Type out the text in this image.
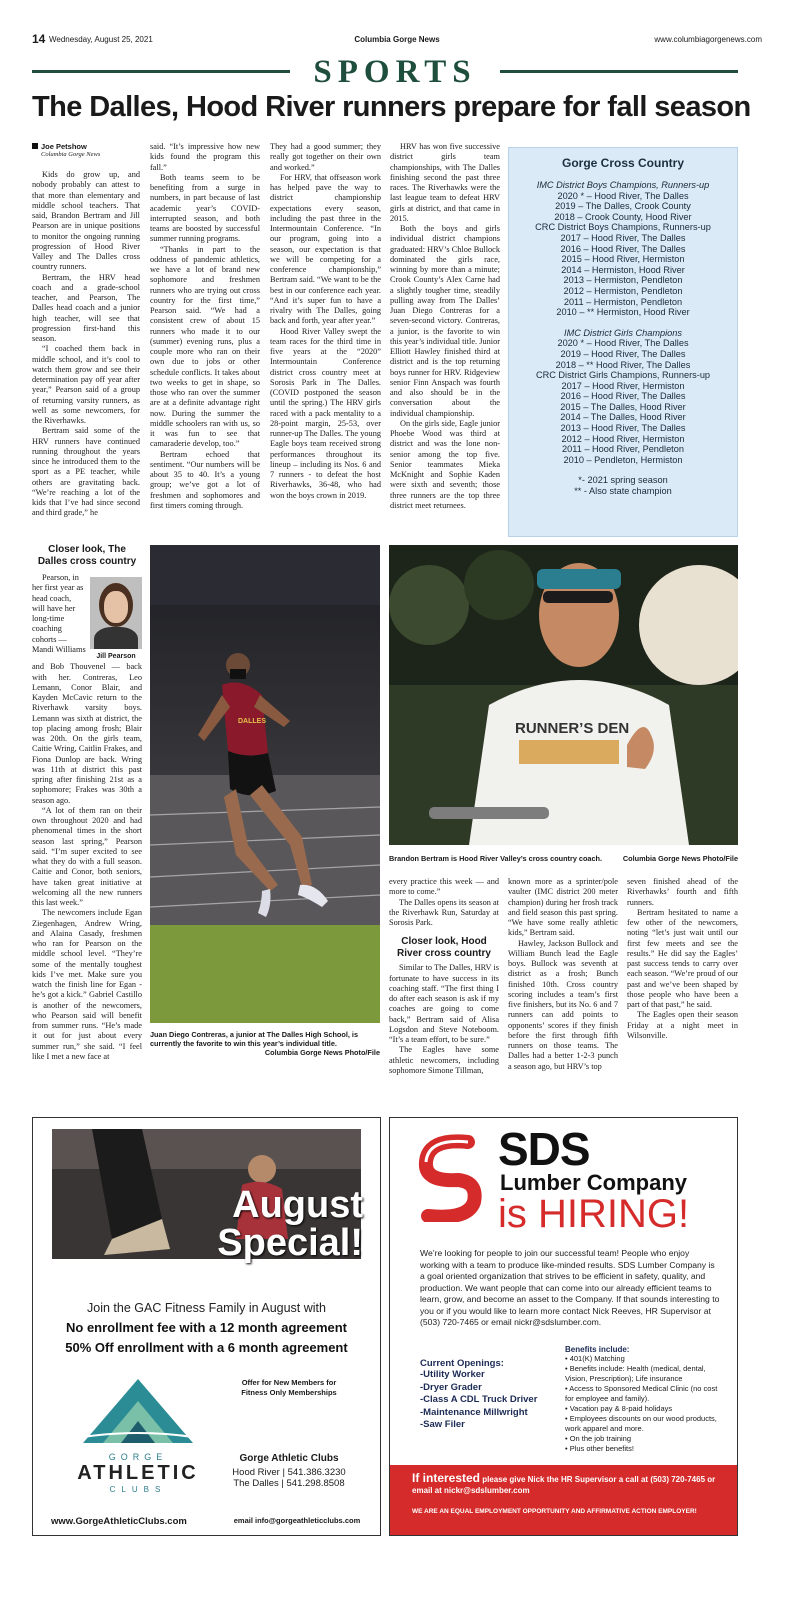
14 Wednesday, August 25, 2021	Columbia Gorge News	www.columbiagorgenews.com
SPORTS
The Dalles, Hood River runners prepare for fall season
Joe Petshow
Columbia Gorge News

Kids do grow up, and nobody probably can attest to that more than elementary and middle school teachers. That said, Brandon Bertram and Jill Pearson are in unique positions to monitor the ongoing running progression of Hood River Valley and The Dalles cross country runners.

Bertram, the HRV head coach and a grade-school teacher, and Pearson, The Dalles head coach and a junior high teacher, will see that progression first-hand this season.

“I coached them back in middle school, and it’s cool to watch them grow and see their determination pay off year after year,” Pearson said of a group of returning varsity runners, as well as some newcomers, for the Riverhawks.

Bertram said some of the HRV runners have continued running throughout the years since he introduced them to the sport as a PE teacher, while others are gravitating back. “We’re reaching a lot of the kids that I’ve had since second and third grade,” he

said. “It’s impressive how new kids found the program this fall.”

Both teams seem to be benefiting from a surge in numbers, in part because of last academic year’s COVID-interrupted season, and both teams are boosted by successful summer running programs.

“Thanks in part to the oddness of pandemic athletics, we have a lot of brand new sophomore and freshmen runners who are trying out cross country for the first time,” Pearson said. “We had a consistent crew of about 15 runners who made it to our (summer) evening runs, plus a couple more who ran on their own due to jobs or other schedule conflicts. It takes about two weeks to get in shape, so those who ran over the summer are at a definite advantage right now. During the summer the middle schoolers ran with us, so it was fun to see that camaraderie develop, too.”

Bertram echoed that sentiment. “Our numbers will be about 35 to 40. It’s a young group; we’ve got a lot of freshmen and sophomores and first timers coming through.

They had a good summer; they really got together on their own and worked.”

For HRV, that offseason work has helped pave the way to district championship expectations every season, including the past three in the Intermountain Conference. “In our program, going into a season, our expectation is that we will be competing for a conference championship,” Bertram said. “We want to be the best in our conference each year. “And it’s super fun to have a rivalry with The Dalles, going back and forth, year after year.”

Hood River Valley swept the team races for the third time in five years at the “2020” Intermountain Conference district cross country meet at Sorosis Park in The Dalles. (COVID postponed the season until the spring.) The HRV girls raced with a pack mentality to a 28-point margin, 25-53, over runner-up The Dalles. The young Eagle boys team received strong performances throughout its lineup – including its Nos. 6 and 7 runners - to defeat the host Riverhawks, 36-48, who had won the boys crown in 2019.

HRV has won five successive district girls team championships, with The Dalles finishing second the past three races. The Riverhawks were the last league team to defeat HRV girls at district, and that came in 2015.

Both the boys and girls individual district champions graduated: HRV’s Chloe Bullock dominated the girls race, winning by more than a minute; Crook County’s Alex Carne had a slightly tougher time, steadily pulling away from The Dalles’ Juan Diego Contreras for a seven-second victory. Contreras, a junior, is the favorite to win this year’s individual title. Junior Elliott Hawley finished third at district and is the top returning boys runner for HRV. Ridgeview senior Finn Anspach was fourth and also should be in the conversation about the individual championship.

On the girls side, Eagle junior Phoebe Wood was third at district and was the lone non-senior among the top five. Senior teammates Mieka McKnight and Sophie Kaden were sixth and seventh; those three runners are the top three district meet returnees.

Gorge Cross Country
IMC District Boys Champions, Runners-up
2020 * – Hood River, The Dalles
2019 – The Dalles, Crook County
2018 – Crook County, Hood River
CRC District Boys Champions, Runners-up
2017 – Hood River, The Dalles
2016 – Hood River, The Dalles
2015 – Hood River, Hermiston
2014 – Hermiston, Hood River
2013 – Hermiston, Pendleton
2012 – Hermiston, Pendleton
2011 – Hermiston, Pendleton
2010 – ** Hermiston, Hood River
IMC District Girls Champions
2020 * – Hood River, The Dalles
2019 – Hood River, The Dalles
2018 – ** Hood River, The Dalles
CRC District Girls Champions, Runners-up
2017 – Hood River, Hermiston
2016 – Hood River, The Dalles
2015 – The Dalles, Hood River
2014 – The Dalles, Hood River
2013 – Hood River, The Dalles
2012 – Hood River, Hermiston
2011 – Hood River, Pendleton
2010 – Pendleton, Hermiston
*- 2021 spring season
** - Also state champion
Closer look, The Dalles cross country
Jill Pearson

Pearson, in her first year as head coach, will have her long-time coaching cohorts — Mandi Williams

and Bob Thouvenel — back with her. Contreras, Leo Lemann, Conor Blair, and Kayden McCavic return to the Riverhawk varsity boys. Lemann was sixth at district, the top placing among frosh; Blair was 20th. On the girls team, Caitie Wring, Caitlin Frakes, and Fiona Dunlop are back. Wring was 11th at district this past spring after finishing 21st as a sophomore; Frakes was 30th a season ago.

“A lot of them ran on their own throughout 2020 and had phenomenal times in the short season last spring,” Pearson said. “I’m super excited to see what they do with a full season. Caitie and Conor, both seniors, have taken great initiative at welcoming all the new runners this last week.”

The newcomers include Egan Ziegenhagen, Andrew Wring, and Alaina Casady, freshmen who ran for Pearson on the middle school level. “They’re some of the mentally toughest kids I’ve met. Make sure you watch the finish line for Egan - he’s got a kick.” Gabriel Castillo is another of the newcomers, who Pearson said will benefit from summer runs. “He’s made it out for just about every summer run,” she said. “I feel like I met a new face at

DALLES
Juan Diego Contreras, a junior at The Dalles High School, is currently the favorite to win this year’s individual title.
Columbia Gorge News Photo/File
RUNNER’S DEN
Brandon Bertram is Hood River Valley’s cross country coach.	Columbia Gorge News Photo/File

every practice this week — and more to come.”

The Dalles opens its season at the Riverhawk Run, Saturday at Sorosis Park.

Closer look, Hood River cross country

Similar to The Dalles, HRV is fortunate to have success in its coaching staff. “The first thing I do after each season is ask if my coaches are going to come back,” Bertram said of Alisa Logsdon and Steve Noteboom. “It’s a team effort, to be sure.”

The Eagles have some athletic newcomers, including sophomore Simone Tillman,

known more as a sprinter/pole vaulter (IMC district 200 meter champion) during her frosh track and field season this past spring. “We have some really athletic kids,” Bertram said.

Hawley, Jackson Bullock and William Bunch lead the Eagle boys. Bullock was seventh at district as a frosh; Bunch finished 10th. Cross country scoring includes a team’s first five finishers, but its No. 6 and 7 runners can add points to opponents’ scores if they finish before the first through fifth runners on those teams. The Dalles had a better 1-2-3 punch a season ago, but HRV’s top

seven finished ahead of the Riverhawks’ fourth and fifth runners.

Bertram hesitated to name a few other of the newcomers, noting “let’s just wait until our first few meets and see the results.” He did say the Eagles’ past success tends to carry over each season. “We’re proud of our past and we’ve been shaped by those people who have been a part of that past,” he said.

The Eagles open their season Friday at a night meet in Wilsonville.

August
Special!
Join the GAC Fitness Family in August with
No enrollment fee with a 12 month agreement
50% Off enrollment with a 6 month agreement
Offer for New Members for Fitness Only Memberships
GORGE
ATHLETIC
CLUBS
www.GorgeAthleticClubs.com
Gorge Athletic Clubs
Hood River | 541.386.3230
The Dalles | 541.298.8508
email info@gorgeathleticclubs.com
SDS
Lumber Company
is HIRING!
We’re looking for people to join our successful team! People who enjoy working with a team to produce like-minded results. SDS Lumber Company is a goal oriented organization that strives to be efficient in safety, quality, and production. We want people that can come into our already efficient teams to learn, grow, and become an asset to the Company. If that sounds interesting to you or if you would like to learn more contact Nick Reeves, HR Supervisor at (503) 720-7465 or email nickr@sdslumber.com.
Current Openings:
-Utility Worker
-Dryer Grader
-Class A CDL Truck Driver
-Maintenance Millwright
-Saw Filer
Benefits include:
• 401(K) Matching
• Benefits include: Health (medical, dental, Vision, Prescription); Life insurance
• Access to Sponsored Medical Clinic (no cost for employee and family).
• Vacation pay & 8-paid holidays
• Employees discounts on our wood products, work apparel and more.
• On the job training
• Plus other benefits!
If interested please give Nick the HR Supervisor a call at (503) 720-7465 or email at nickr@sdslumber.com
WE ARE AN EQUAL EMPLOYMENT OPPORTUNITY AND AFFIRMATIVE ACTION EMPLOYER!
